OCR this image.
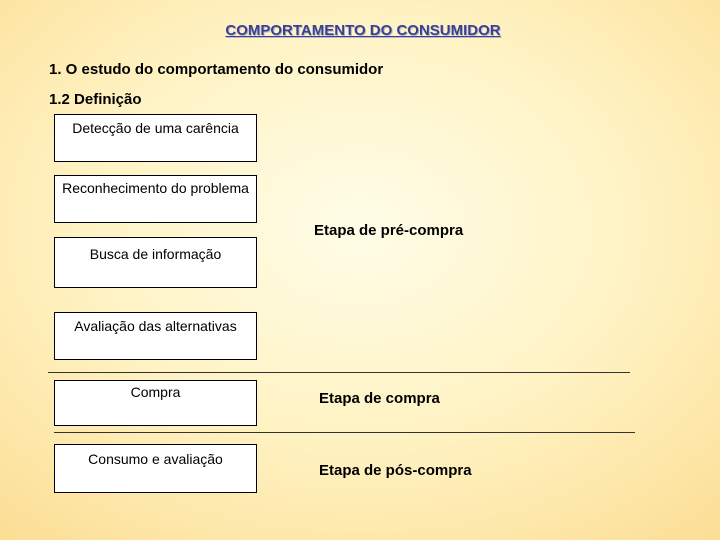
COMPORTAMENTO DO CONSUMIDOR
1. O estudo do comportamento do consumidor
1.2 Definição
Detecção de uma carência
Reconhecimento do problema
Busca de informação
Avaliação das alternativas
Compra
Consumo e avaliação
Etapa de pré-compra
Etapa de compra
Etapa de pós-compra
